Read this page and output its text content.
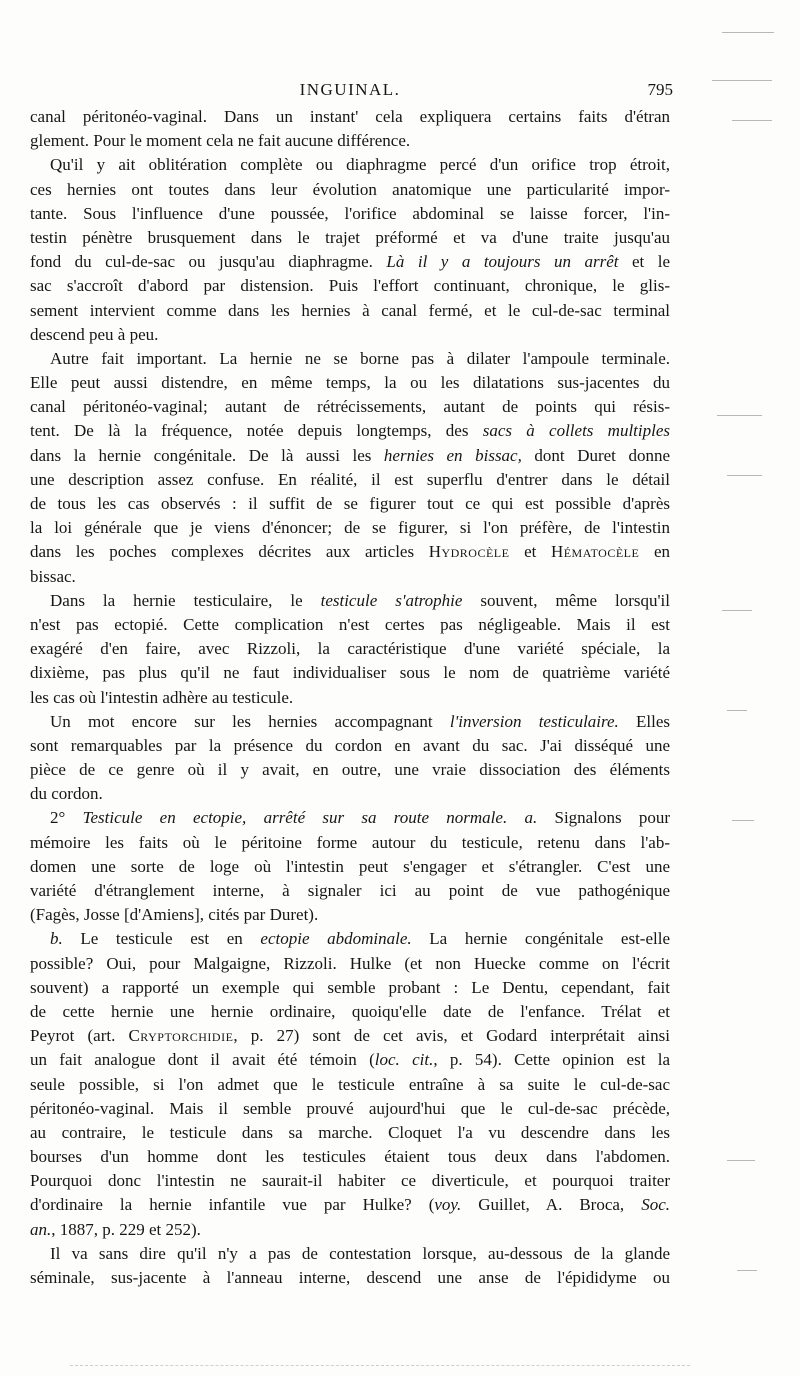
INGUINAL.	795
canal péritonéo-vaginal. Dans un instant' cela expliquera certains faits d'étran
glement. Pour le moment cela ne fait aucune différence.
Qu'il y ait oblitération complète ou diaphragme percé d'un orifice trop étroit,
ces hernies ont toutes dans leur évolution anatomique une particularité impor-
tante. Sous l'influence d'une poussée, l'orifice abdominal se laisse forcer, l'in-
testin pénètre brusquement dans le trajet préformé et va d'une traite jusqu'au
fond du cul-de-sac ou jusqu'au diaphragme. Là il y a toujours un arrêt et le
sac s'accroît d'abord par distension. Puis l'effort continuant, chronique, le glis-
sement intervient comme dans les hernies à canal fermé, et le cul-de-sac terminal
descend peu à peu.
Autre fait important. La hernie ne se borne pas à dilater l'ampoule terminale.
Elle peut aussi distendre, en même temps, la ou les dilatations sus-jacentes du
canal péritonéo-vaginal; autant de rétrécissements, autant de points qui résis-
tent. De là la fréquence, notée depuis longtemps, des sacs à collets multiples
dans la hernie congénitale. De là aussi les hernies en bissac, dont Duret donne
une description assez confuse. En réalité, il est superflu d'entrer dans le détail
de tous les cas observés : il suffit de se figurer tout ce qui est possible d'après
la loi générale que je viens d'énoncer; de se figurer, si l'on préfère, de l'intestin
dans les poches complexes décrites aux articles Hydrocèle et Hématocèle en
bissac.
Dans la hernie testiculaire, le testicule s'atrophie souvent, même lorsqu'il
n'est pas ectopié. Cette complication n'est certes pas négligeable. Mais il est
exagéré d'en faire, avec Rizzoli, la caractéristique d'une variété spéciale, la
dixième, pas plus qu'il ne faut individualiser sous le nom de quatrième variété
les cas où l'intestin adhère au testicule.
Un mot encore sur les hernies accompagnant l'inversion testiculaire. Elles
sont remarquables par la présence du cordon en avant du sac. J'ai disséqué une
pièce de ce genre où il y avait, en outre, une vraie dissociation des éléments
du cordon.
2° Testicule en ectopie, arrêté sur sa route normale. a. Signalons pour
mémoire les faits où le péritoine forme autour du testicule, retenu dans l'ab-
domen une sorte de loge où l'intestin peut s'engager et s'étrangler. C'est une
variété d'étranglement interne, à signaler ici au point de vue pathogénique
(Fagès, Josse [d'Amiens], cités par Duret).
b. Le testicule est en ectopie abdominale. La hernie congénitale est-elle
possible? Oui, pour Malgaigne, Rizzoli. Hulke (et non Huecke comme on l'écrit
souvent) a rapporté un exemple qui semble probant : Le Dentu, cependant, fait
de cette hernie une hernie ordinaire, quoiqu'elle date de l'enfance. Trélat et
Peyrot (art. Cryptorchidie, p. 27) sont de cet avis, et Godard interprétait ainsi
un fait analogue dont il avait été témoin (loc. cit., p. 54). Cette opinion est la
seule possible, si l'on admet que le testicule entraîne à sa suite le cul-de-sac
péritonéo-vaginal. Mais il semble prouvé aujourd'hui que le cul-de-sac précède,
au contraire, le testicule dans sa marche. Cloquet l'a vu descendre dans les
bourses d'un homme dont les testicules étaient tous deux dans l'abdomen.
Pourquoi donc l'intestin ne saurait-il habiter ce diverticule, et pourquoi traiter
d'ordinaire la hernie infantile vue par Hulke? (voy. Guillet, A. Broca, Soc.
an., 1887, p. 229 et 252).
Il va sans dire qu'il n'y a pas de contestation lorsque, au-dessous de la glande
séminale, sus-jacente à l'anneau interne, descend une anse de l'épididyme ou
